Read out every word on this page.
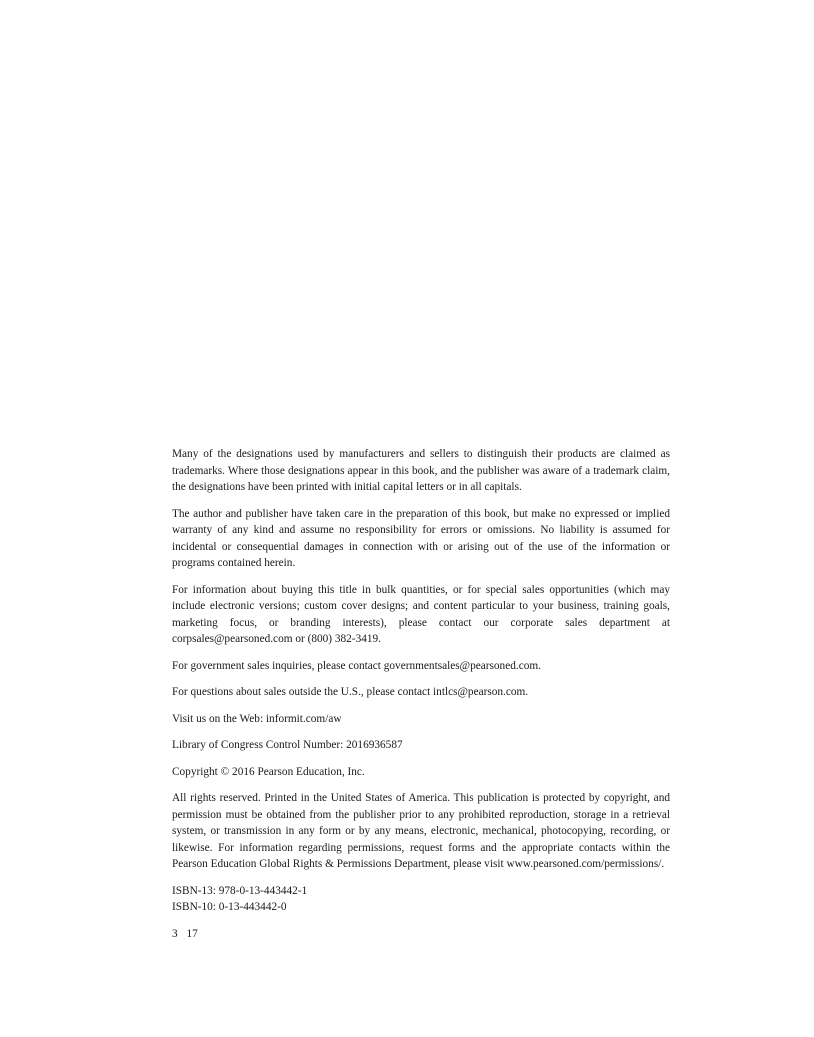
Many of the designations used by manufacturers and sellers to distinguish their products are claimed as trademarks. Where those designations appear in this book, and the publisher was aware of a trademark claim, the designations have been printed with initial capital letters or in all capitals.

The author and publisher have taken care in the preparation of this book, but make no expressed or implied warranty of any kind and assume no responsibility for errors or omissions. No liability is assumed for incidental or consequential damages in connection with or arising out of the use of the information or programs contained herein.

For information about buying this title in bulk quantities, or for special sales opportunities (which may include electronic versions; custom cover designs; and content particular to your business, training goals, marketing focus, or branding interests), please contact our corporate sales department at corpsales@pearsoned.com or (800) 382-3419.

For government sales inquiries, please contact governmentsales@pearsoned.com.

For questions about sales outside the U.S., please contact intlcs@pearson.com.

Visit us on the Web: informit.com/aw

Library of Congress Control Number: 2016936587

Copyright © 2016 Pearson Education, Inc.

All rights reserved. Printed in the United States of America. This publication is protected by copyright, and permission must be obtained from the publisher prior to any prohibited reproduction, storage in a retrieval system, or transmission in any form or by any means, electronic, mechanical, photocopying, recording, or likewise. For information regarding permissions, request forms and the appropriate contacts within the Pearson Education Global Rights & Permissions Department, please visit www.pearsoned.com/permissions/.

ISBN-13: 978-0-13-443442-1
ISBN-10: 0-13-443442-0

3 17
